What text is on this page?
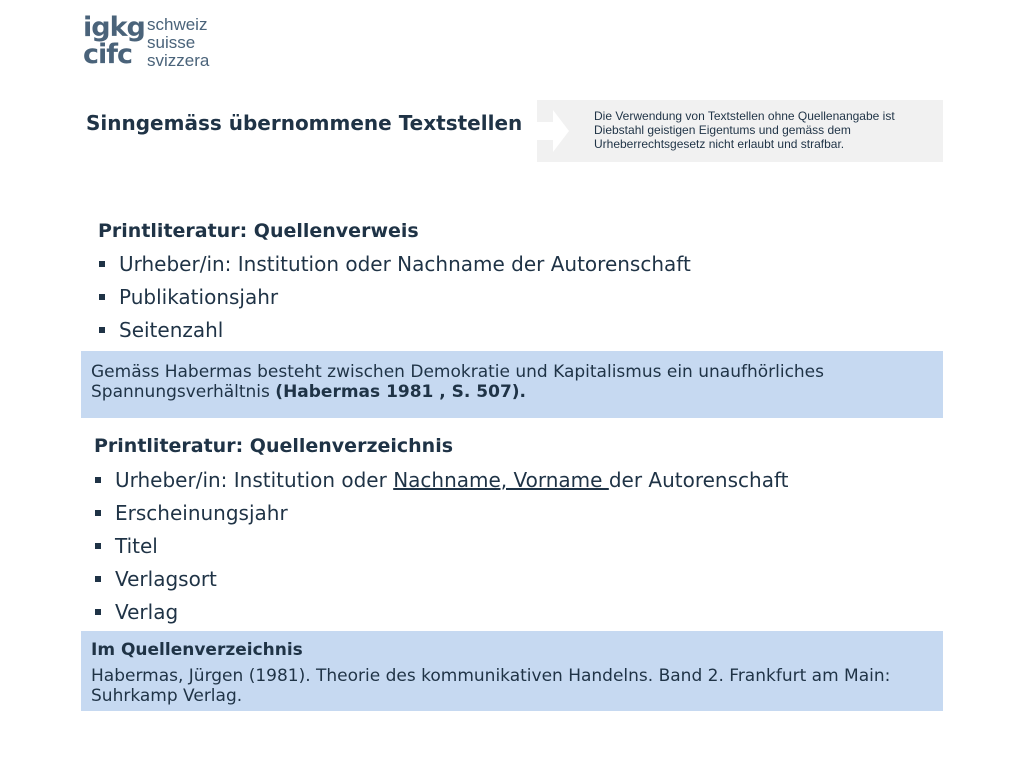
igkg
cifc
schweiz
suisse
svizzera
Sinngemäss übernommene Textstellen	Die Verwendung von Textstellen ohne Quellenangabe ist Diebstahl geistigen Eigentums und gemäss dem Urheberrechtsgesetz nicht erlaubt und strafbar.
Printliteratur: Quellenverweis
Urheber/in: Institution oder Nachname der Autorenschaft
Publikationsjahr
Seitenzahl
Gemäss Habermas besteht zwischen Demokratie und Kapitalismus ein unaufhörliches Spannungsverhältnis (Habermas 1981 , S. 507).
Printliteratur: Quellenverzeichnis
Urheber/in: Institution oder Nachname, Vorname der Autorenschaft
Erscheinungsjahr
Titel
Verlagsort
Verlag
Im Quellenverzeichnis
Habermas, Jürgen (1981). Theorie des kommunikativen Handelns. Band 2. Frankfurt am Main: Suhrkamp Verlag.
